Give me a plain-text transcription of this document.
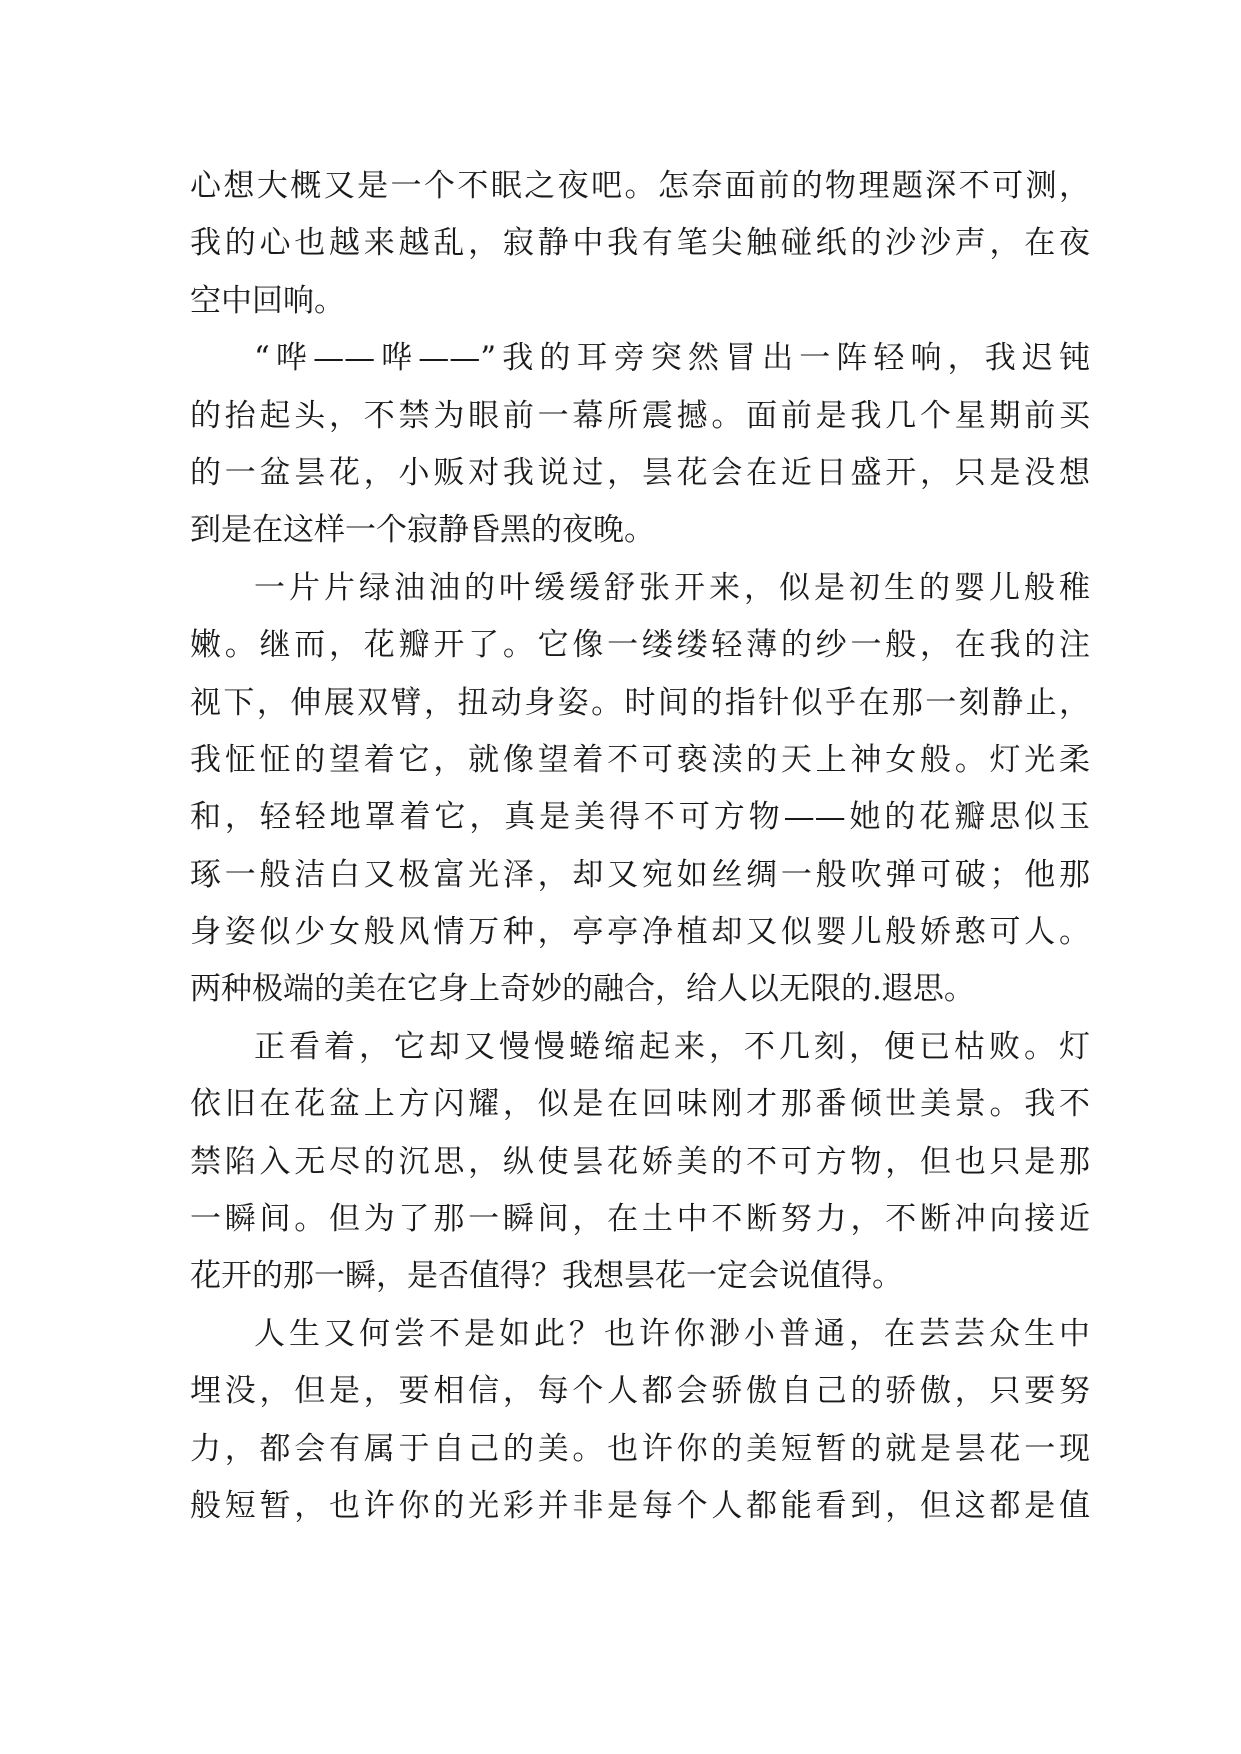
心想大概又是一个不眠之夜吧。怎奈面前的物理题深不可测，
我的心也越来越乱，寂静中我有笔尖触碰纸的沙沙声，在夜
空中回响。
“哗——哗——”我的耳旁突然冒出一阵轻响，我迟钝
的抬起头，不禁为眼前一幕所震撼。面前是我几个星期前买
的一盆昙花，小贩对我说过，昙花会在近日盛开，只是没想
到是在这样一个寂静昏黑的夜晚。
一片片绿油油的叶缓缓舒张开来，似是初生的婴儿般稚
嫩。继而，花瓣开了。它像一缕缕轻薄的纱一般，在我的注
视下，伸展双臂，扭动身姿。时间的指针似乎在那一刻静止，
我怔怔的望着它，就像望着不可亵渎的天上神女般。灯光柔
和，轻轻地罩着它，真是美得不可方物——她的花瓣思似玉
琢一般洁白又极富光泽，却又宛如丝绸一般吹弹可破；他那
身姿似少女般风情万种，亭亭净植却又似婴儿般娇憨可人。
两种极端的美在它身上奇妙的融合，给人以无限的.遐思。
正看着，它却又慢慢蜷缩起来，不几刻，便已枯败。灯
依旧在花盆上方闪耀，似是在回味刚才那番倾世美景。我不
禁陷入无尽的沉思，纵使昙花娇美的不可方物，但也只是那
一瞬间。但为了那一瞬间，在土中不断努力，不断冲向接近
花开的那一瞬，是否值得？我想昙花一定会说值得。
人生又何尝不是如此？也许你渺小普通，在芸芸众生中
埋没，但是，要相信，每个人都会骄傲自己的骄傲，只要努
力，都会有属于自己的美。也许你的美短暂的就是昙花一现
般短暂，也许你的光彩并非是每个人都能看到，但这都是值
